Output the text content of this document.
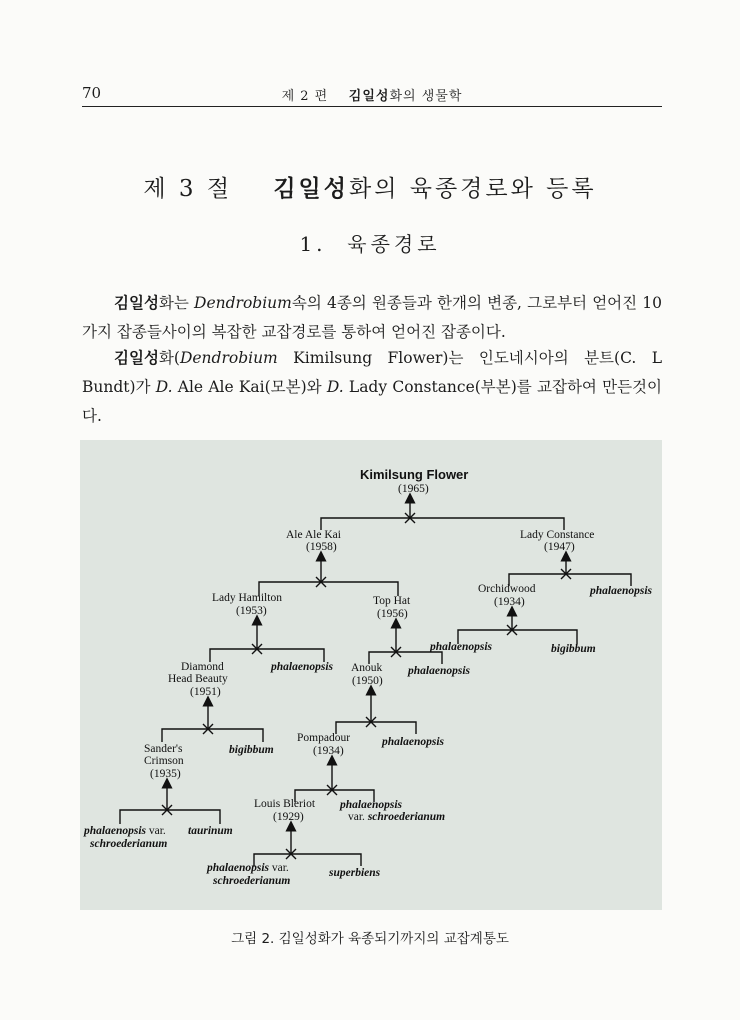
70	제 2 편 김일성화의 생물학
제 3 절 김일성화의 육종경로와 등록
1. 육종경로
김일성화는 Dendrobium속의 4종의 원종들과 한개의 변종, 그로부터 얻어진 10가지 잡종들사이의 복잡한 교잡경로를 통하여 얻어진 잡종이다.
김일성화(Dendrobium Kimilsung Flower)는 인도네시아의 분트(C. L Bundt)가 D. Ale Ale Kai(모본)와 D. Lady Constance(부본)를 교잡하여 만든것이다.
Kimilsung Flower
(1965)
Ale Ale Kai
(1958)
Lady Constance
(1947)
phalaenopsis
Lady Hamilton
(1953)
phalaenopsis
Top Hat
(1956)
phalaenopsis
Orchidwood
(1934)
phalaenopsis	bigibbum
Diamond
Head Beauty
(1951)
bigibbum
Anouk
(1950)
phalaenopsis
Pompadour
(1934)
phalaenopsis
var. schroederianum
Sander's
Crimson
(1935)
phalaenopsis var.
schroederianum
taurinum
Louis Bleriot
(1929)
phalaenopsis var.
schroederianum
superbiens
그림 2. 김일성화가 육종되기까지의 교잡계통도
